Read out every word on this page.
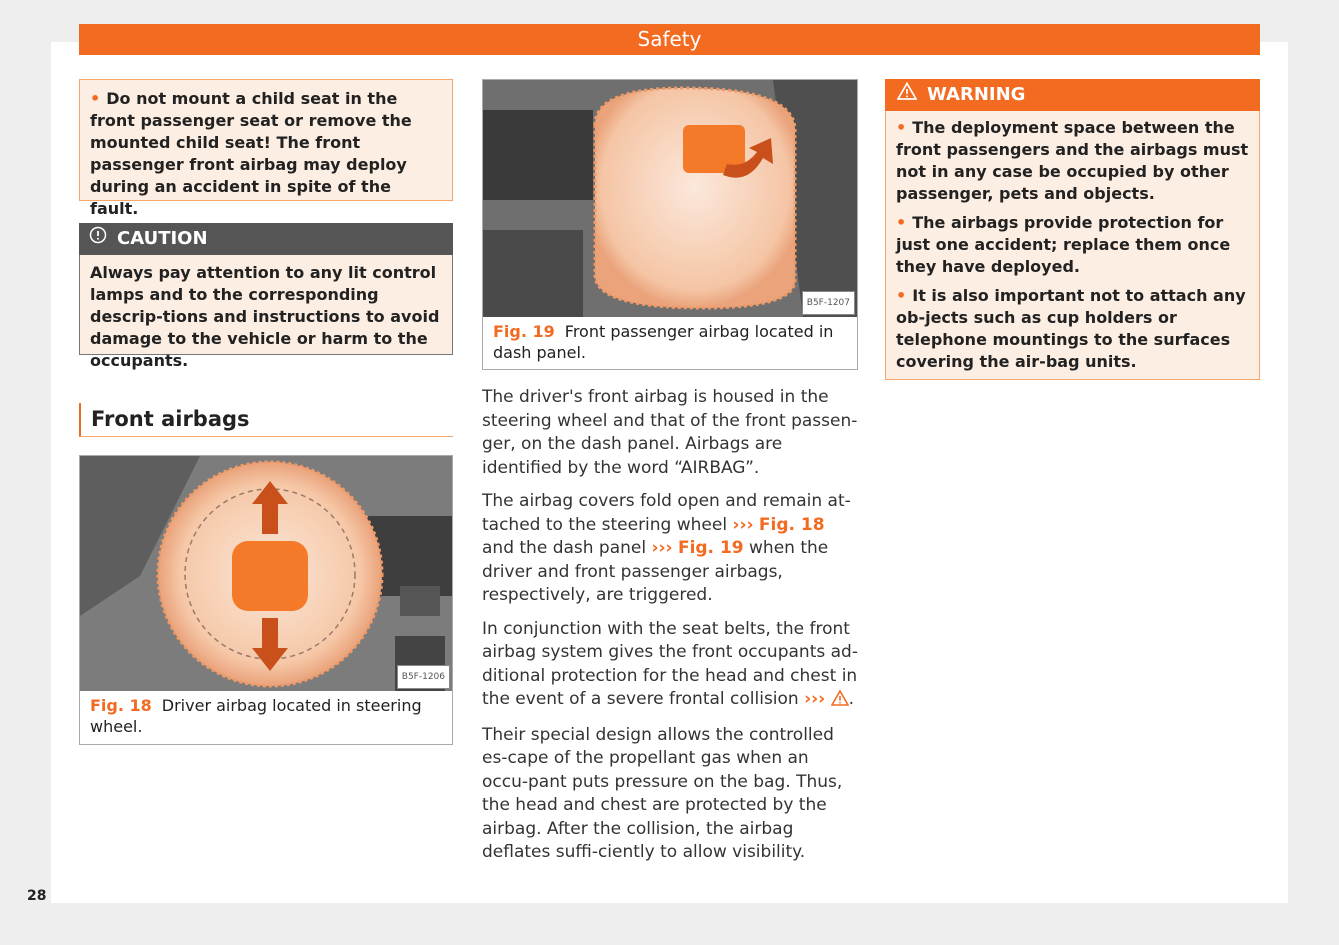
Safety
• Do not mount a child seat in the front passenger seat or remove the mounted child seat! The front passenger front airbag may deploy during an accident in spite of the fault.
CAUTION
Always pay attention to any lit control lamps and to the corresponding descrip-tions and instructions to avoid damage to the vehicle or harm to the occupants.
Front airbags
B5F-1206
Fig. 18 Driver airbag located in steering wheel.
B5F-1207
Fig. 19 Front passenger airbag located in dash panel.

The driver's front airbag is housed in the steering wheel and that of the front passen-ger, on the dash panel. Airbags are identified by the word “AIRBAG”.

The airbag covers fold open and remain at-tached to the steering wheel ››› Fig. 18 and the dash panel ››› Fig. 19 when the driver and front passenger airbags, respectively, are triggered.

In conjunction with the seat belts, the front airbag system gives the front occupants ad-ditional protection for the head and chest in the event of a severe frontal collision ››› .

Their special design allows the controlled es-cape of the propellant gas when an occu-pant puts pressure on the bag. Thus, the head and chest are protected by the airbag. After the collision, the airbag deflates suffi-ciently to allow visibility.

WARNING

• The deployment space between the front passengers and the airbags must not in any case be occupied by other passenger, pets and objects.

• The airbags provide protection for just one accident; replace them once they have deployed.

• It is also important not to attach any ob-jects such as cup holders or telephone mountings to the surfaces covering the air-bag units.

28
